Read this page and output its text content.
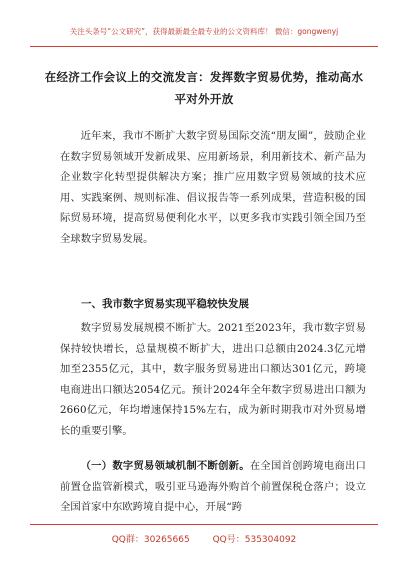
关注头条号“公文研究”，获得最新最全最专业的公文资料库！ 微信：gongwenyj
在经济工作会议上的交流发言：发挥数字贸易优势，推动高水平对外开放
近年来，我市不断扩大数字贸易国际交流“朋友圈”，鼓励企业在数字贸易领域开发新成果、应用新场景，利用新技术、新产品为企业数字化转型提供解决方案；推广应用数字贸易领域的技术应用、实践案例、规则标准、倡议报告等一系列成果，营造积极的国际贸易环境，提高贸易便利化水平，以更多我市实践引领全国乃至全球数字贸易发展。
一、我市数字贸易实现平稳较快发展
数字贸易发展规模不断扩大。2021至2023年，我市数字贸易保持较快增长，总量规模不断扩大，进出口总额由2024.3亿元增加至2355亿元，其中，数字服务贸易进出口额达301亿元，跨境电商进出口额达2054亿元。预计2024年全年数字贸易进出口额为2660亿元，年均增速保持15%左右，成为新时期我市对外贸易增长的重要引擎。
（一）数字贸易领域机制不断创新。在全国首创跨境电商出口前置仓监管新模式，吸引亚马逊海外购首个前置保税仓落户；设立全国首家中东欧跨境自提中心，开展“跨
QQ群：30265665	QQ号：535304092
